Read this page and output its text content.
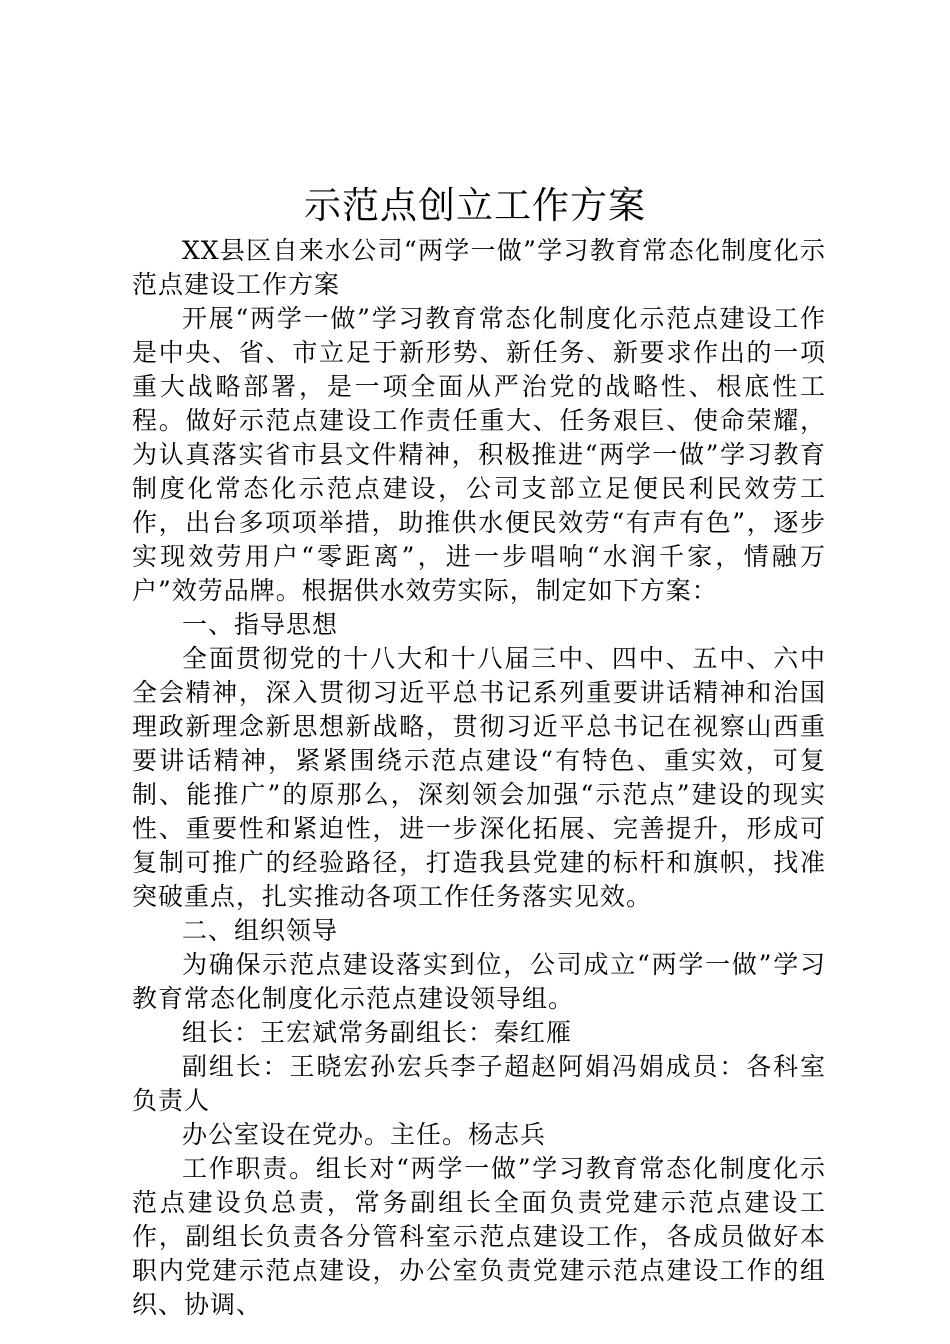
示范点创立工作方案

XX县区自来水公司“两学一做”学习教育常态化制度化示范点建设工作方案

开展“两学一做”学习教育常态化制度化示范点建设工作是中央、省、市立足于新形势、新任务、新要求作出的一项重大战略部署，是一项全面从严治党的战略性、根底性工程。做好示范点建设工作责任重大、任务艰巨、使命荣耀，为认真落实省市县文件精神，积极推进“两学一做”学习教育制度化常态化示范点建设，公司支部立足便民利民效劳工作，出台多项项举措，助推供水便民效劳“有声有色”，逐步实现效劳用户“零距离”，进一步唱响“水润千家，情融万户”效劳品牌。根据供水效劳实际，制定如下方案：

一、指导思想

全面贯彻党的十八大和十八届三中、四中、五中、六中全会精神，深入贯彻习近平总书记系列重要讲话精神和治国理政新理念新思想新战略，贯彻习近平总书记在视察山西重要讲话精神，紧紧围绕示范点建设“有特色、重实效，可复制、能推广”的原那么，深刻领会加强“示范点”建设的现实性、重要性和紧迫性，进一步深化拓展、完善提升，形成可复制可推广的经验路径，打造我县党建的标杆和旗帜，找准突破重点，扎实推动各项工作任务落实见效。

二、组织领导

为确保示范点建设落实到位，公司成立“两学一做”学习教育常态化制度化示范点建设领导组。

组长：王宏斌常务副组长：秦红雁

副组长：王晓宏孙宏兵李子超赵阿娟冯娟成员：各科室负责人

办公室设在党办。主任。杨志兵

工作职责。组长对“两学一做”学习教育常态化制度化示范点建设负总责，常务副组长全面负责党建示范点建设工作，副组长负责各分管科室示范点建设工作，各成员做好本职内党建示范点建设，办公室负责党建示范点建设工作的组织、协调、
